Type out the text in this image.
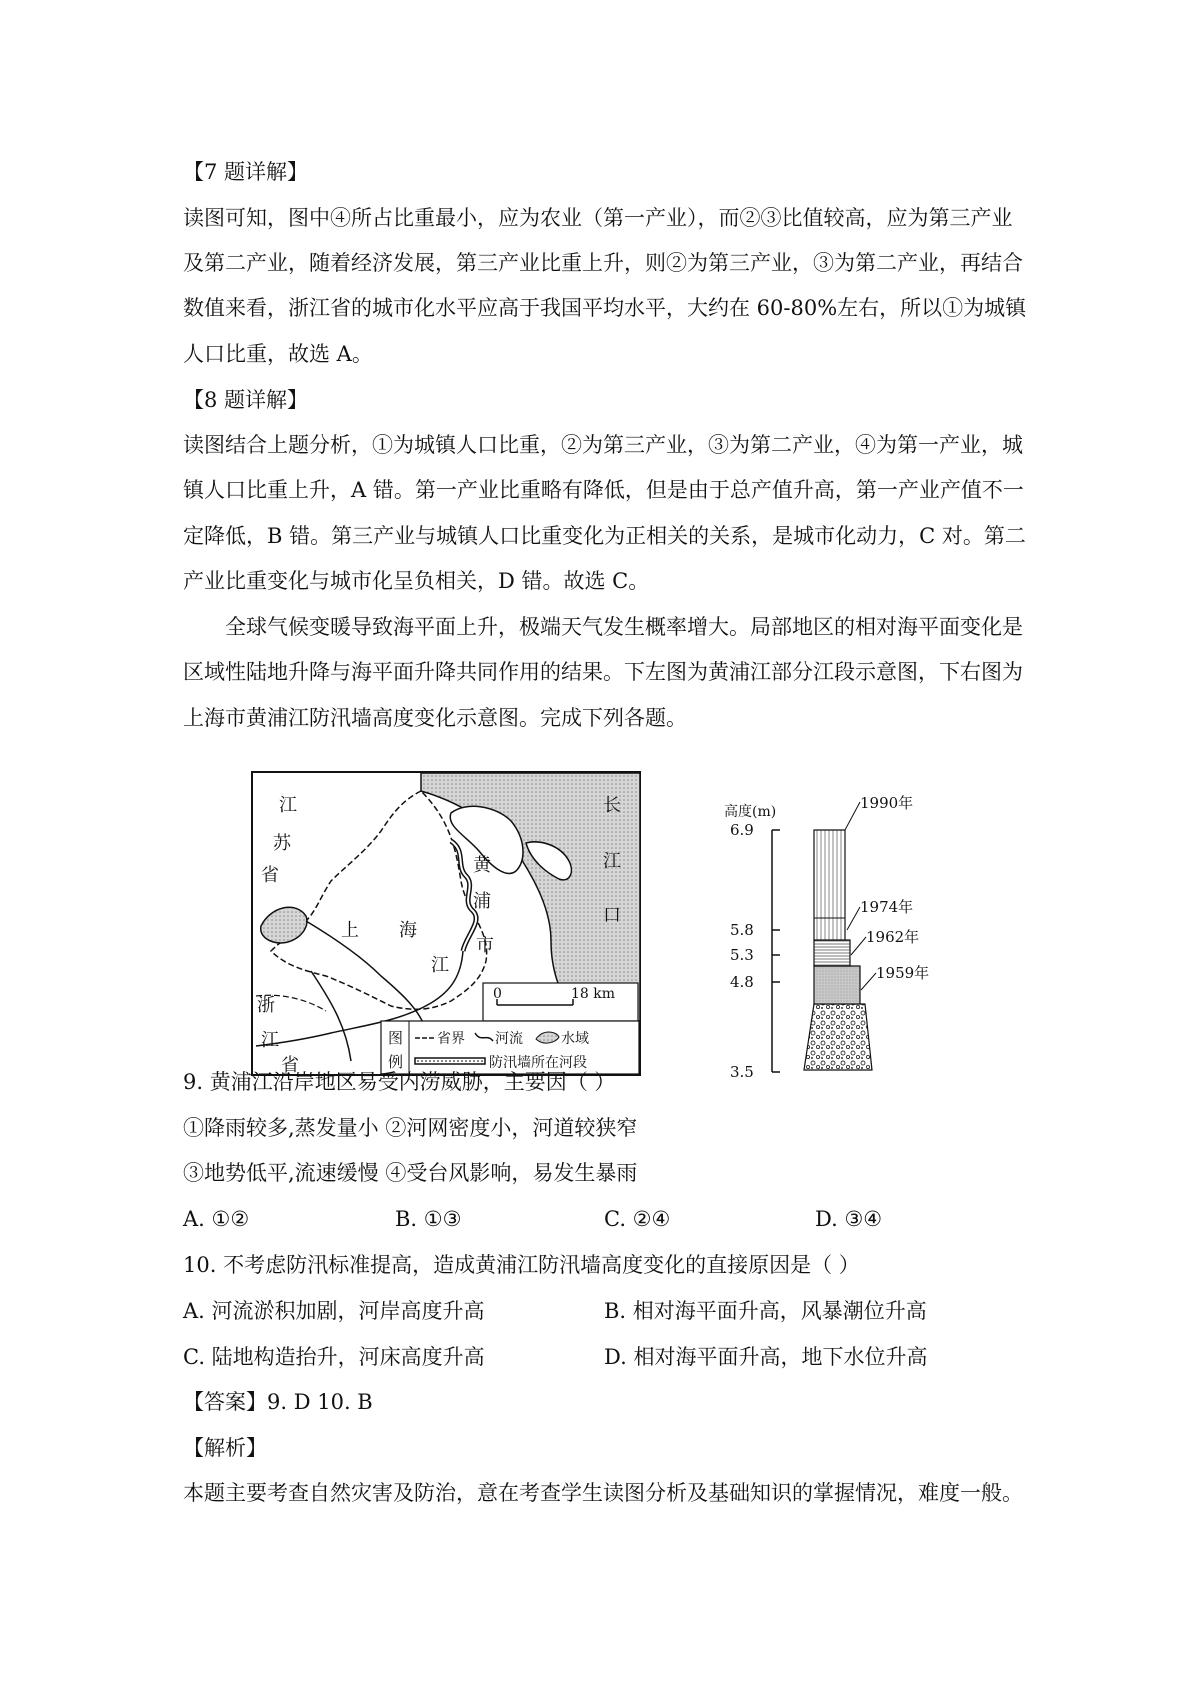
【7 题详解】
读图可知，图中④所占比重最小，应为农业（第一产业），而②③比值较高，应为第三产业
及第二产业，随着经济发展，第三产业比重上升，则②为第三产业，③为第二产业，再结合
数值来看，浙江省的城市化水平应高于我国平均水平，大约在 60-80%左右，所以①为城镇
人口比重，故选 A。
【8 题详解】
读图结合上题分析，①为城镇人口比重，②为第三产业，③为第二产业，④为第一产业，城
镇人口比重上升，A 错。第一产业比重略有降低，但是由于总产值升高，第一产业产值不一
定降低，B 错。第三产业与城镇人口比重变化为正相关的关系，是城市化动力，C 对。第二
产业比重变化与城市化呈负相关，D 错。故选 C。
全球气候变暖导致海平面上升，极端天气发生概率增大。局部地区的相对海平面变化是
区域性陆地升降与海平面升降共同作用的结果。下左图为黄浦江部分江段示意图，下右图为
上海市黄浦江防汛墙高度变化示意图。完成下列各题。
江
苏
省
上 海
市
黄
浦
江
长
江
口
浙
江
省
0	18 km
图
例
省界 河流	水域
防汛墙所在河段
高度(m)
6.9
5.8
5.3
4.8
3.5
1990年
1974年
1962年
1959年
9. 黄浦江沿岸地区易受内涝威胁，主要因（ ）
①降雨较多,蒸发量小 ②河网密度小，河道较狭窄
③地势低平,流速缓慢 ④受台风影响，易发生暴雨
A. ①②	B. ①③	C. ②④	D. ③④
10. 不考虑防汛标准提高，造成黄浦江防汛墙高度变化的直接原因是（ ）
A. 河流淤积加剧，河岸高度升高	B. 相对海平面升高，风暴潮位升高
C. 陆地构造抬升，河床高度升高	D. 相对海平面升高，地下水位升高
【答案】9. D 10. B
【解析】
本题主要考查自然灾害及防治，意在考查学生读图分析及基础知识的掌握情况，难度一般。
